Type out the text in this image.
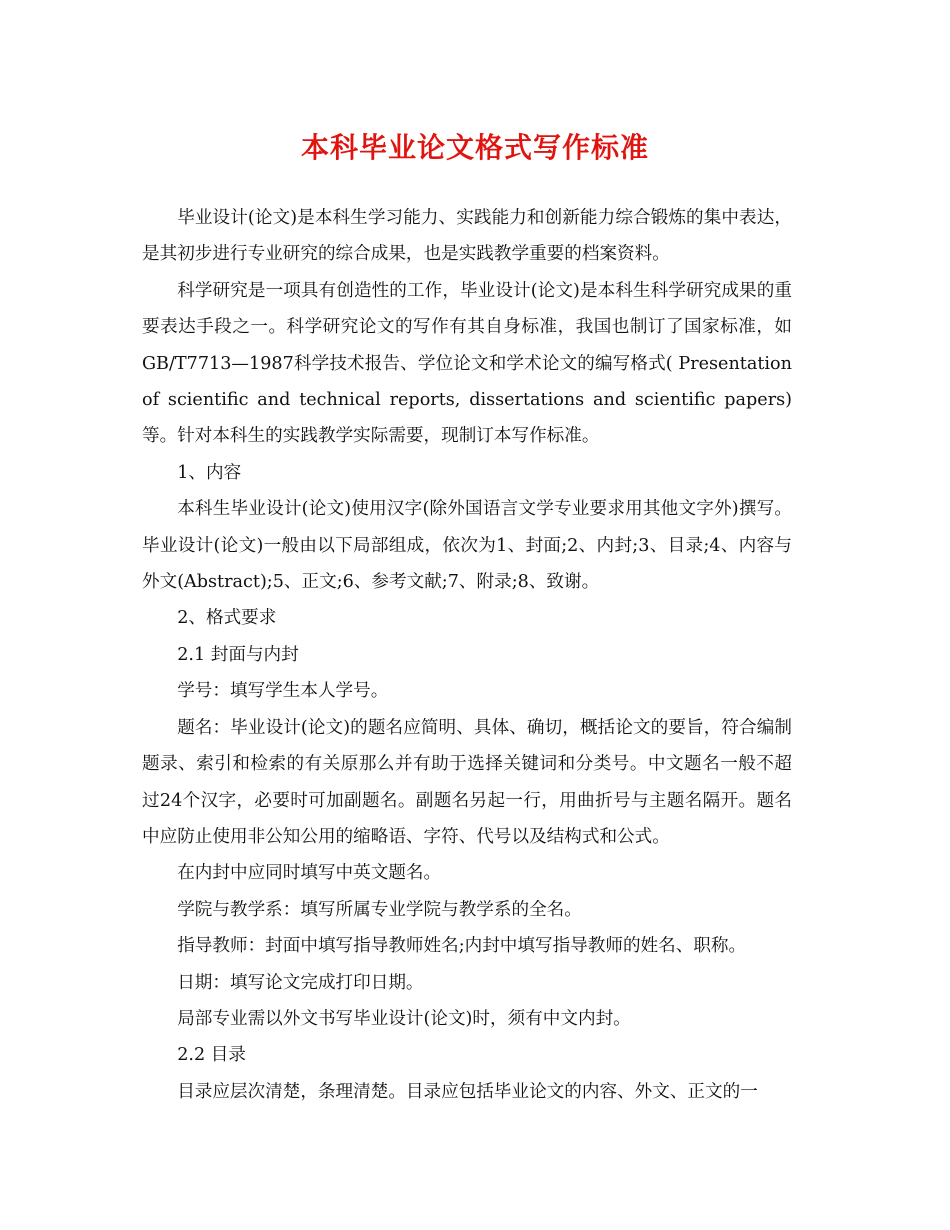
本科毕业论文格式写作标准

毕业设计(论文)是本科生学习能力、实践能力和创新能力综合锻炼的集中表达，是其初步进行专业研究的综合成果，也是实践教学重要的档案资料。

科学研究是一项具有创造性的工作，毕业设计(论文)是本科生科学研究成果的重要表达手段之一。科学研究论文的写作有其自身标准，我国也制订了国家标准，如GB/T7713—1987科学技术报告、学位论文和学术论文的编写格式( Presentation of scientific and technical reports, dissertations and scientific papers)等。针对本科生的实践教学实际需要，现制订本写作标准。

1、内容

本科生毕业设计(论文)使用汉字(除外国语言文学专业要求用其他文字外)撰写。毕业设计(论文)一般由以下局部组成，依次为1、封面;2、内封;3、目录;4、内容与外文(Abstract);5、正文;6、参考文献;7、附录;8、致谢。

2、格式要求

2.1 封面与内封

学号：填写学生本人学号。

题名：毕业设计(论文)的题名应简明、具体、确切，概括论文的要旨，符合编制题录、索引和检索的有关原那么并有助于选择关键词和分类号。中文题名一般不超过24个汉字，必要时可加副题名。副题名另起一行，用曲折号与主题名隔开。题名中应防止使用非公知公用的缩略语、字符、代号以及结构式和公式。

在内封中应同时填写中英文题名。

学院与教学系：填写所属专业学院与教学系的全名。

指导教师：封面中填写指导教师姓名;内封中填写指导教师的姓名、职称。

日期：填写论文完成打印日期。

局部专业需以外文书写毕业设计(论文)时，须有中文内封。

2.2 目录

目录应层次清楚，条理清楚。目录应包括毕业论文的内容、外文、正文的一
